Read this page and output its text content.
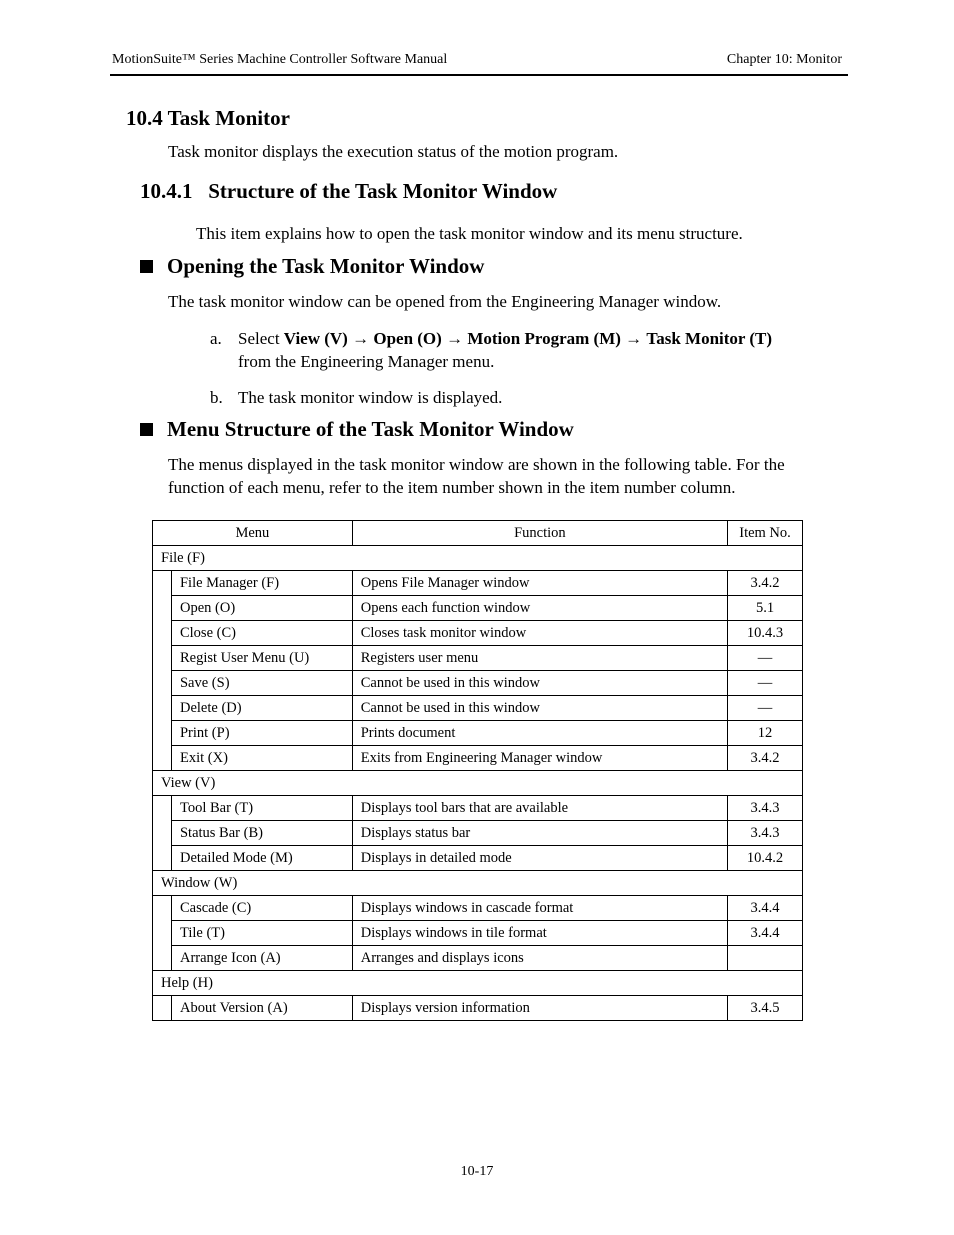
MotionSuite™ Series Machine Controller Software Manual	Chapter 10: Monitor
10.4 Task Monitor
Task monitor displays the execution status of the motion program.
10.4.1   Structure of the Task Monitor Window
This item explains how to open the task monitor window and its menu structure.
Opening the Task Monitor Window
The task monitor window can be opened from the Engineering Manager window.
a. Select View (V) → Open (O) → Motion Program (M) → Task Monitor (T)
from the Engineering Manager menu.
b. The task monitor window is displayed.
Menu Structure of the Task Monitor Window
The menus displayed in the task monitor window are shown in the following table. For the
function of each menu, refer to the item number shown in the item number column.
Menu		Function	Item No.
File (F)			
	File Manager (F)	Opens File Manager window	3.4.2
	Open (O)	Opens each function window	5.1
	Close (C)	Closes task monitor window	10.4.3
	Regist User Menu (U)	Registers user menu	—
	Save (S)	Cannot be used in this window	—
	Delete (D)	Cannot be used in this window	—
	Print (P)	Prints document	12
	Exit (X)	Exits from Engineering Manager window	3.4.2
View (V)			
	Tool Bar (T)	Displays tool bars that are available	3.4.3
	Status Bar (B)	Displays status bar	3.4.3
	Detailed Mode (M)	Displays in detailed mode	10.4.2
Window (W)			
	Cascade (C)	Displays windows in cascade format	3.4.4
	Tile (T)	Displays windows in tile format	3.4.4
	Arrange Icon (A)	Arranges and displays icons	
Help (H)			
	About Version (A)	Displays version information	3.4.5
10-17
